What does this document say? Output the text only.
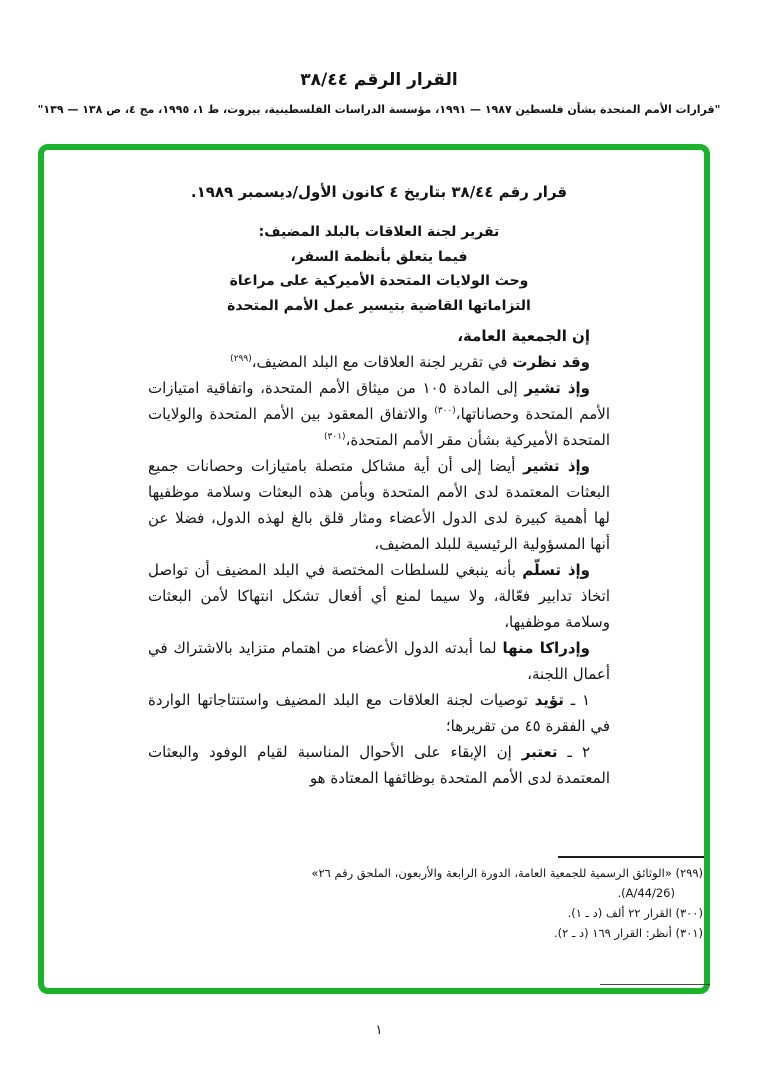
القرار الرقم ٣٨/٤٤
"قرارات الأمم المتحدة بشأن فلسطين ١٩٨٧ — ١٩٩١، مؤسسة الدراسات الفلسطينية، بيروت، ط ١، ١٩٩٥، مج ٤، ص ١٣٨ — ١٣٩"
قرار رقم ٣٨/٤٤ بتاريخ ٤ كانون الأول/ديسمبر ١٩٨٩.
تقرير لجنة العلاقات بالبلد المضيف:
فيما يتعلق بأنظمة السفر،
وحث الولايات المتحدة الأميركية على مراعاة
التزاماتها القاضية بتيسير عمل الأمم المتحدة

إن الجمعية العامة،

وقد نظرت في تقرير لجنة العلاقات مع البلد المضيف،$^{(٢٩٩)}$

وإذ تشير إلى المادة ١٠٥ من ميثاق الأمم المتحدة، واتفاقية امتيازات الأمم المتحدة وحصاناتها،$^{(٣٠٠)}$ والاتفاق المعقود بين الأمم المتحدة والولايات المتحدة الأميركية بشأن مقر الأمم المتحدة،$^{(٣٠١)}$

وإذ تشير أيضا إلى أن أية مشاكل متصلة بامتيازات وحصانات جميع البعثات المعتمدة لدى الأمم المتحدة وبأمن هذه البعثات وسلامة موظفيها لها أهمية كبيرة لدى الدول الأعضاء ومثار قلق بالغ لهذه الدول، فضلا عن أنها المسؤولية الرئيسية للبلد المضيف،

وإذ تسلّم بأنه ينبغي للسلطات المختصة في البلد المضيف أن تواصل اتخاذ تدابير فعّالة، ولا سيما لمنع أي أفعال تشكل انتهاكا لأمن البعثات وسلامة موظفيها،

وإدراكا منها لما أبدته الدول الأعضاء من اهتمام متزايد بالاشتراك في أعمال اللجنة،

١ ـ تؤيد توصيات لجنة العلاقات مع البلد المضيف واستنتاجاتها الواردة في الفقرة ٤٥ من تقريرها؛

٢ ـ تعتبر إن الإبقاء على الأحوال المناسبة لقيام الوفود والبعثات المعتمدة لدى الأمم المتحدة بوظائفها المعتادة هو

(٢٩٩) «الوثائق الرسمية للجمعية العامة، الدورة الرابعة والأربعون، الملحق رقم ٢٦» (A/44/26).

(٣٠٠) القرار ٢٢ ألف (د ـ ١).

(٣٠١) أنظر: القرار ١٦٩ (د ـ ٢).

١
